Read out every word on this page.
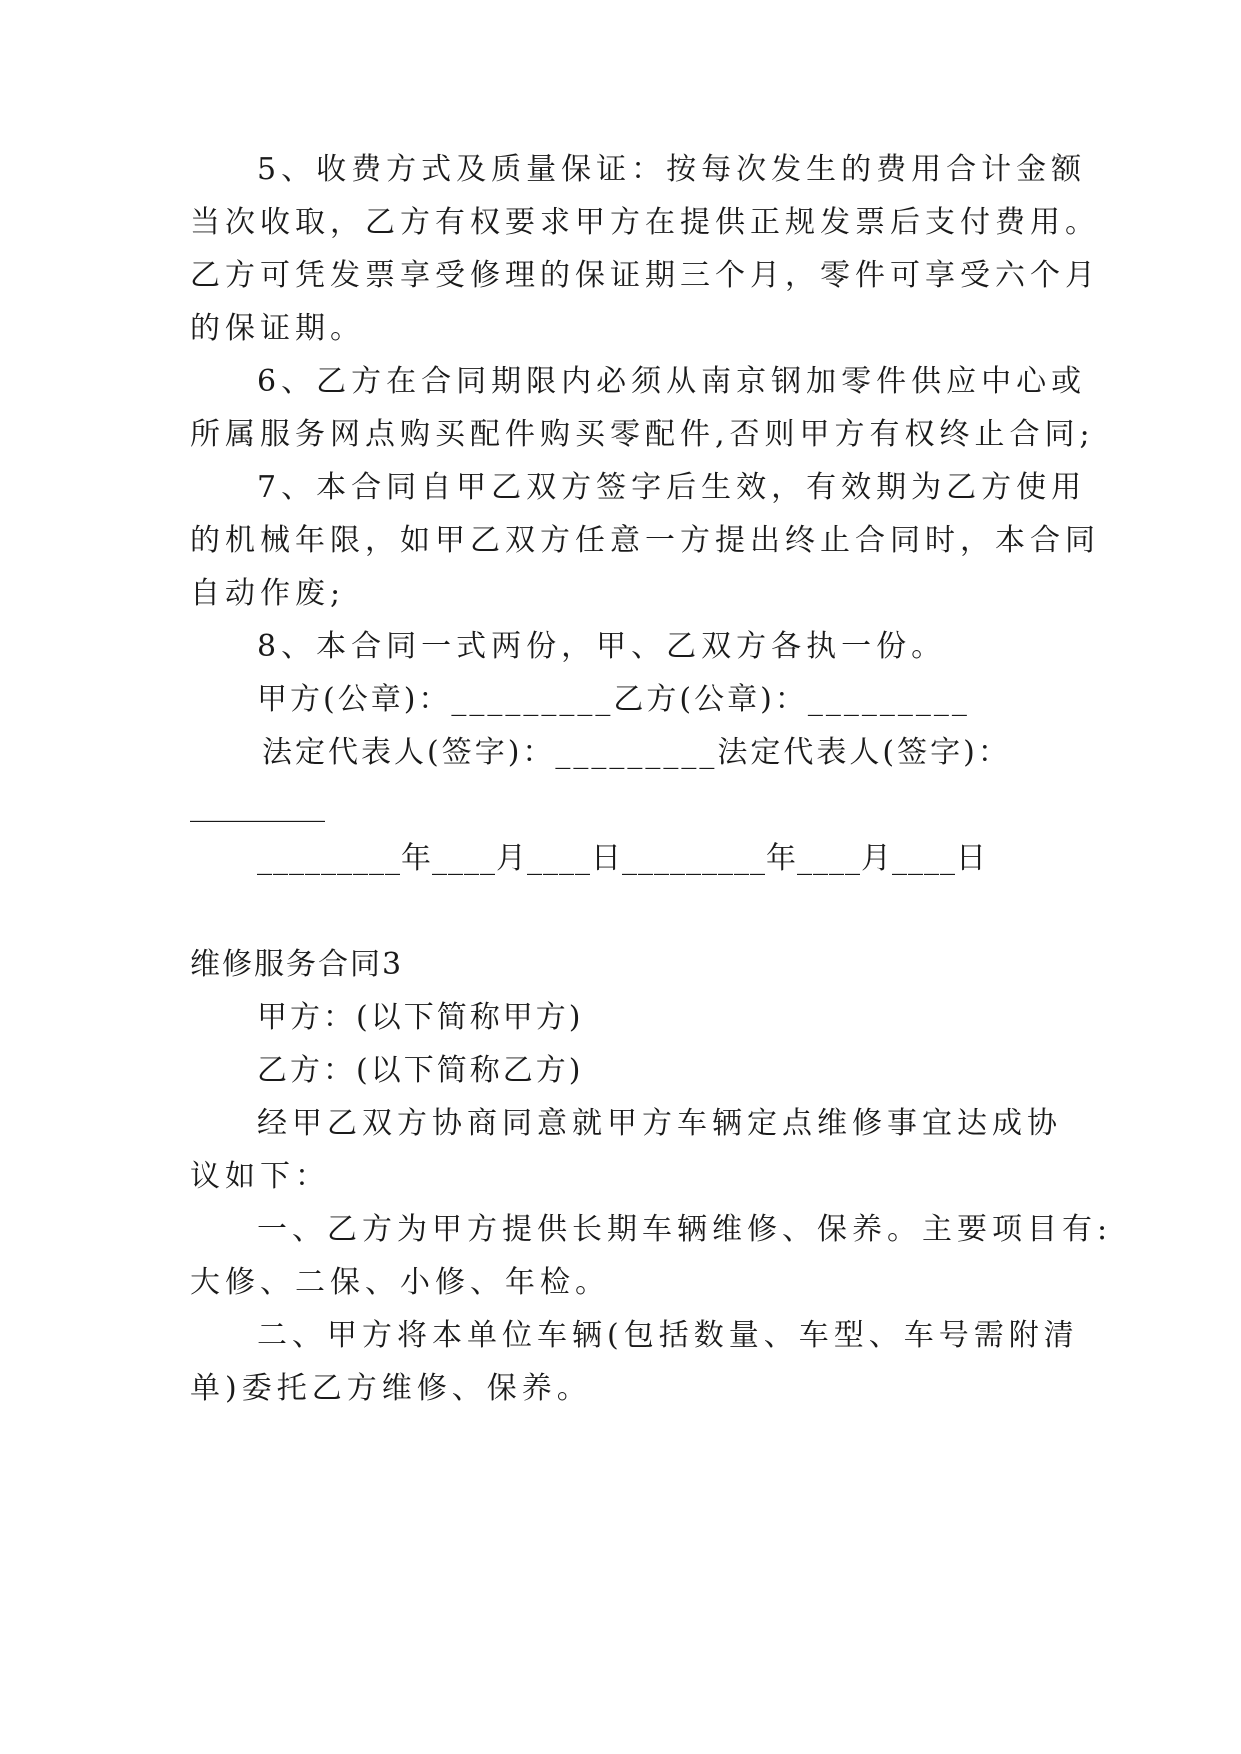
5、收费方式及质量保证：按每次发生的费用合计金额
当次收取，乙方有权要求甲方在提供正规发票后支付费用。
乙方可凭发票享受修理的保证期三个月，零件可享受六个月
的保证期。
6、乙方在合同期限内必须从南京钢加零件供应中心或
所属服务网点购买配件购买零配件,否则甲方有权终止合同;
7、本合同自甲乙双方签字后生效，有效期为乙方使用
的机械年限，如甲乙双方任意一方提出终止合同时，本合同
自动作废;
8、本合同一式两份，甲、乙双方各执一份。
甲方(公章)：_________乙方(公章)：_________
法定代表人(签字)：_________法定代表人(签字)：
_________
_________年____月____日_________年____月____日
维修服务合同3
甲方：(以下简称甲方)
乙方：(以下简称乙方)
经甲乙双方协商同意就甲方车辆定点维修事宜达成协
议如下：
一、乙方为甲方提供长期车辆维修、保养。主要项目有:
大修、二保、小修、年检。
二、甲方将本单位车辆(包括数量、车型、车号需附清
单)委托乙方维修、保养。
